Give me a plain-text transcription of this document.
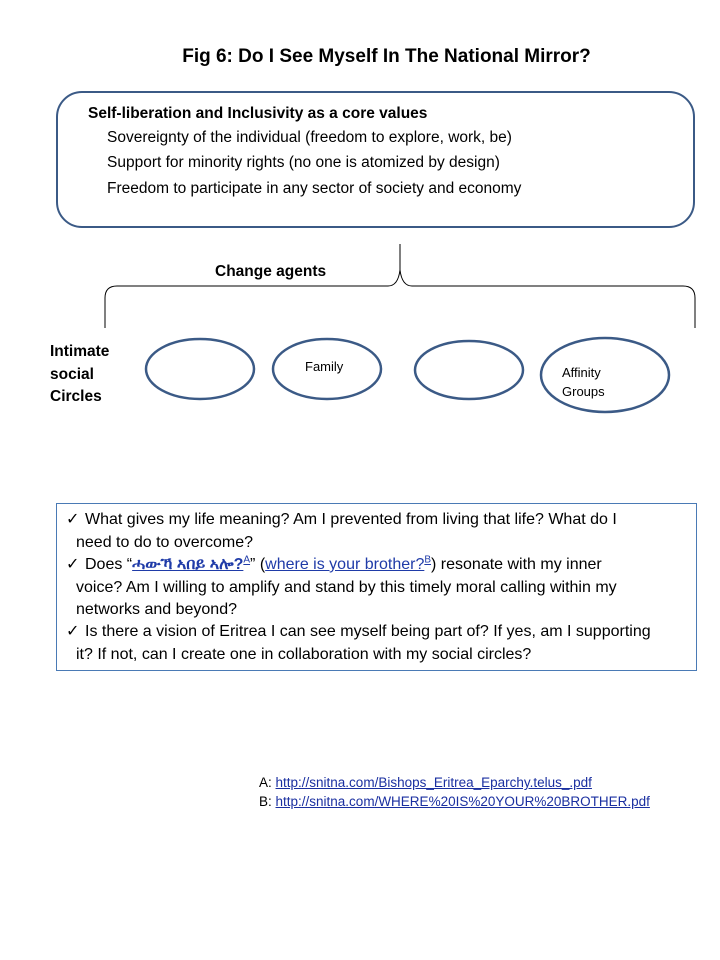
Fig 6: Do I See Myself In The National Mirror?
Self-liberation and Inclusivity as a core values
Sovereignty of the individual (freedom to explore, work, be)
Support for minority rights (no one is atomized by design)
Freedom to participate in any sector of society and economy
Change agents
Intimate
social
Circles
Family	Affinity
Groups
✓ What gives my life meaning? Am I prevented from living that life? What do I
need to do to overcome?
✓ Does “ሓውኻ ኣበይ ኣሎ?$^A$” (where is your brother?$^B$) resonate with my inner
voice? Am I willing to amplify and stand by this timely moral calling within my
networks and beyond?
✓ Is there a vision of Eritrea I can see myself being part of? If yes, am I supporting
it? If not, can I create one in collaboration with my social circles?
A: http://snitna.com/Bishops_Eritrea_Eparchy.telus_.pdf
B: http://snitna.com/WHERE%20IS%20YOUR%20BROTHER.pdf
